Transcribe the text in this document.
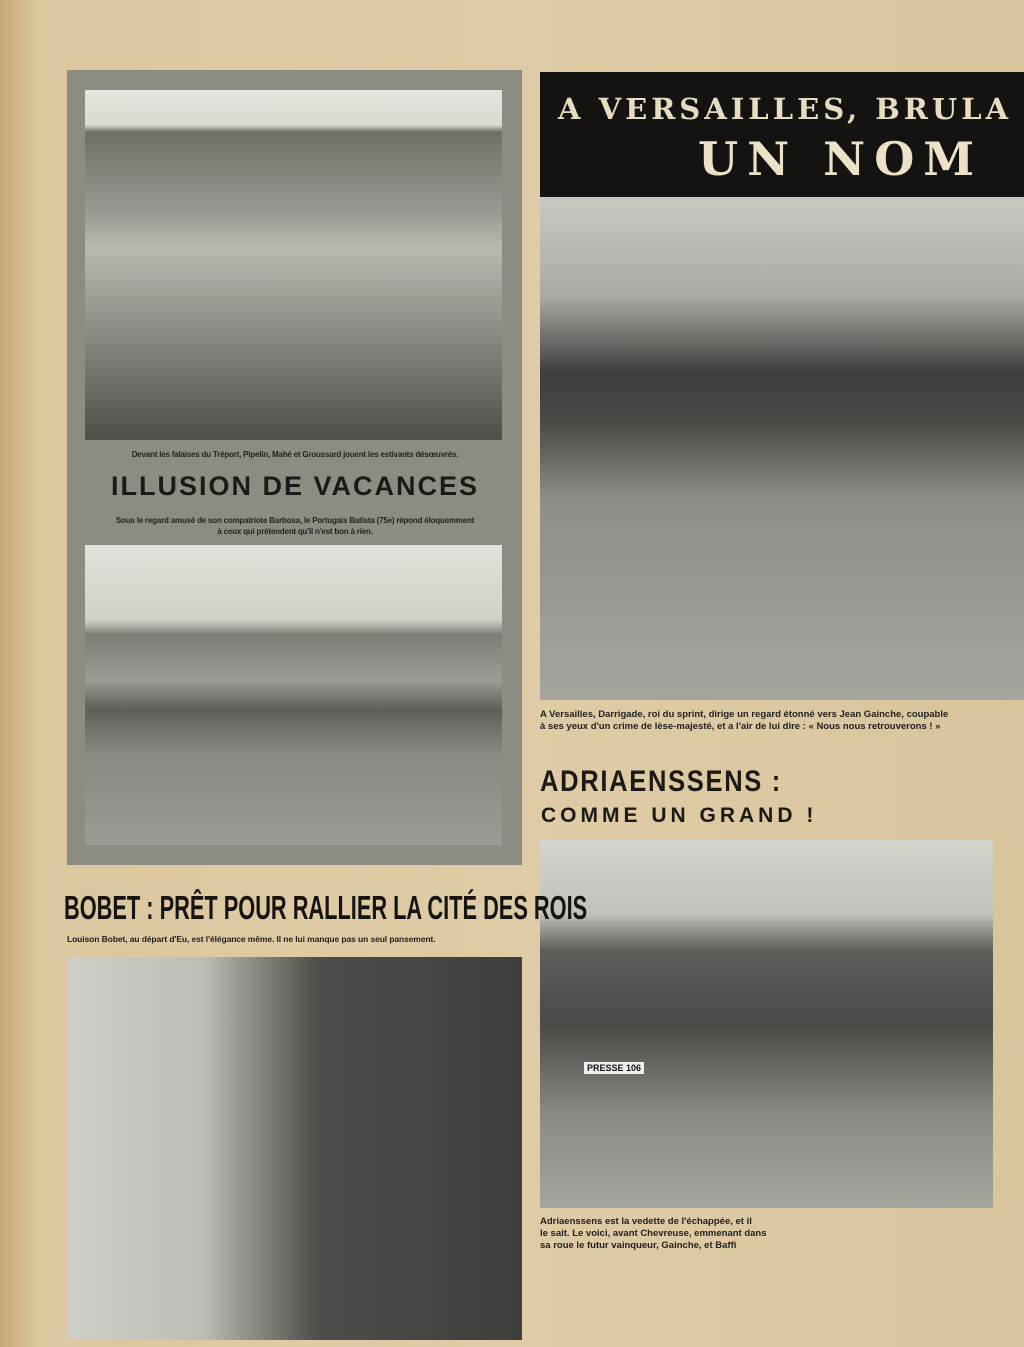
Devant les falaises du Tréport, Pipelin, Mahé et Groussard jouent les estivants désœuvrés.
ILLUSION DE VACANCES
Sous le regard amusé de son compatriote Barbosa, le Portugais Batista (75e) répond éloquemment
à ceux qui prétendent qu'il n'est bon à rien.
A VERSAILLES, BRULA
UN NOM
A Versailles, Darrigade, roi du sprint, dirige un regard étonné vers Jean Gainche, coupable
à ses yeux d'un crime de lèse-majesté, et a l'air de lui dire : « Nous nous retrouverons ! »
ADRIAENSSENS :
COMME UN GRAND !
PRESSE 106
Adriaenssens est la vedette de l'échappée, et il
le sait. Le voici, avant Chevreuse, emmenant dans
sa roue le futur vainqueur, Gainche, et Baffi
BOBET : PRÊT POUR RALLIER LA CITÉ DES ROIS
Louison Bobet, au départ d'Eu, est l'élégance même. Il ne lui manque pas un seul pansement.
